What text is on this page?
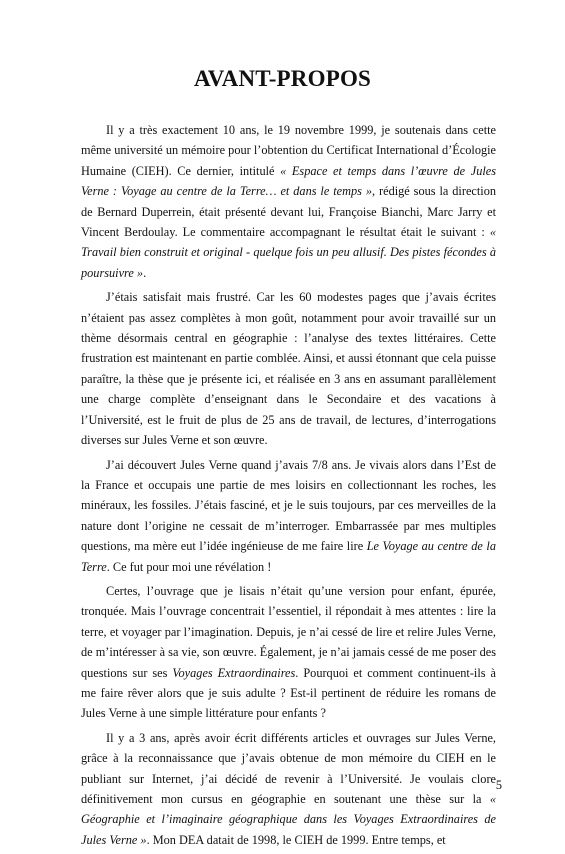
AVANT-PROPOS

Il y a très exactement 10 ans, le 19 novembre 1999, je soutenais dans cette même université un mémoire pour l’obtention du Certificat International d’Écologie Humaine (CIEH). Ce dernier, intitulé « Espace et temps dans l’œuvre de Jules Verne : Voyage au centre de la Terre… et dans le temps », rédigé sous la direction de Bernard Duperrein, était présenté devant lui, Françoise Bianchi, Marc Jarry et Vincent Berdoulay. Le commentaire accompagnant le résultat était le suivant : « Travail bien construit et original - quelque fois un peu allusif. Des pistes fécondes à poursuivre ».

J’étais satisfait mais frustré. Car les 60 modestes pages que j’avais écrites n’étaient pas assez complètes à mon goût, notamment pour avoir travaillé sur un thème désormais central en géographie : l’analyse des textes littéraires. Cette frustration est maintenant en partie comblée. Ainsi, et aussi étonnant que cela puisse paraître, la thèse que je présente ici, et réalisée en 3 ans en assumant parallèlement une charge complète d’enseignant dans le Secondaire et des vacations à l’Université, est le fruit de plus de 25 ans de travail, de lectures, d’interrogations diverses sur Jules Verne et son œuvre.

J’ai découvert Jules Verne quand j’avais 7/8 ans. Je vivais alors dans l’Est de la France et occupais une partie de mes loisirs en collectionnant les roches, les minéraux, les fossiles. J’étais fasciné, et je le suis toujours, par ces merveilles de la nature dont l’origine ne cessait de m’interroger. Embarrassée par mes multiples questions, ma mère eut l’idée ingénieuse de me faire lire Le Voyage au centre de la Terre. Ce fut pour moi une révélation !

Certes, l’ouvrage que je lisais n’était qu’une version pour enfant, épurée, tronquée. Mais l’ouvrage concentrait l’essentiel, il répondait à mes attentes : lire la terre, et voyager par l’imagination. Depuis, je n’ai cessé de lire et relire Jules Verne, de m’intéresser à sa vie, son œuvre. Également, je n’ai jamais cessé de me poser des questions sur ses Voyages Extraordinaires. Pourquoi et comment continuent-ils à me faire rêver alors que je suis adulte ? Est-il pertinent de réduire les romans de Jules Verne à une simple littérature pour enfants ?

Il y a 3 ans, après avoir écrit différents articles et ouvrages sur Jules Verne, grâce à la reconnaissance que j’avais obtenue de mon mémoire du CIEH en le publiant sur Internet, j’ai décidé de revenir à l’Université. Je voulais clore définitivement mon cursus en géographie en soutenant une thèse sur la « Géographie et l’imaginaire géographique dans les Voyages Extraordinaires de Jules Verne ». Mon DEA datait de 1998, le CIEH de 1999. Entre temps, et

5
